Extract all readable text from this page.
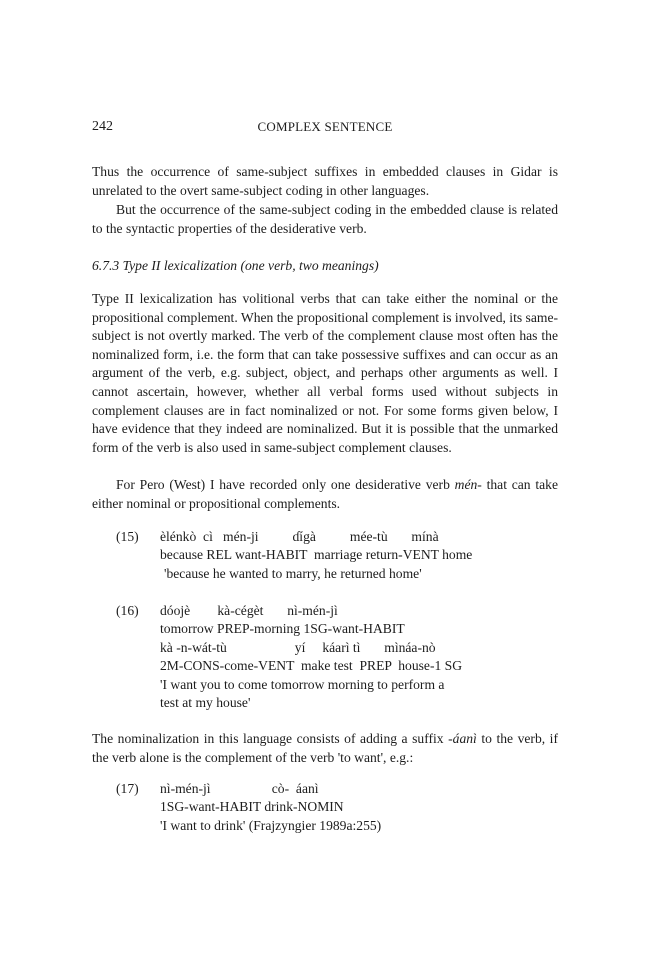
242	COMPLEX SENTENCE

Thus the occurrence of same-subject suffixes in embedded clauses in Gidar is unrelated to the overt same-subject coding in other languages.

But the occurrence of the same-subject coding in the embedded clause is related to the syntactic properties of the desiderative verb.

6.7.3 Type II lexicalization (one verb, two meanings)

Type II lexicalization has volitional verbs that can take either the nominal or the propositional complement. When the propositional complement is involved, its same-subject is not overtly marked. The verb of the complement clause most often has the nominalized form, i.e. the form that can take possessive suffixes and can occur as an argument of the verb, e.g. subject, object, and perhaps other arguments as well. I cannot ascertain, however, whether all verbal forms used without subjects in complement clauses are in fact nominalized or not. For some forms given below, I have evidence that they indeed are nominalized. But it is possible that the unmarked form of the verb is also used in same-subject complement clauses.

For Pero (West) I have recorded only one desiderative verb mén- that can take either nominal or propositional complements.

(15) èlénkò  cì   mén-ji          ɗígà          mée-tù       mínà
because REL want-HABIT  marriage return-VENT home
'because he wanted to marry, he returned home'
(16) dóojè        kà-cégèt       nì-mén-jì
tomorrow PREP-morning 1SG-want-HABIT
kà -n-wát-tù                    yí     káarì tì       mìnáa-nò
2M-CONS-come-VENT  make test  PREP  house-1 SG
'I want you to come tomorrow morning to perform a
test at my house'

The nominalization in this language consists of adding a suffix -áanì to the verb, if the verb alone is the complement of the verb 'to want', e.g.:

(17) nì-mén-jì                  cò-  áanì
1SG-want-HABIT drink-NOMIN
'I want to drink' (Frajzyngier 1989a:255)
